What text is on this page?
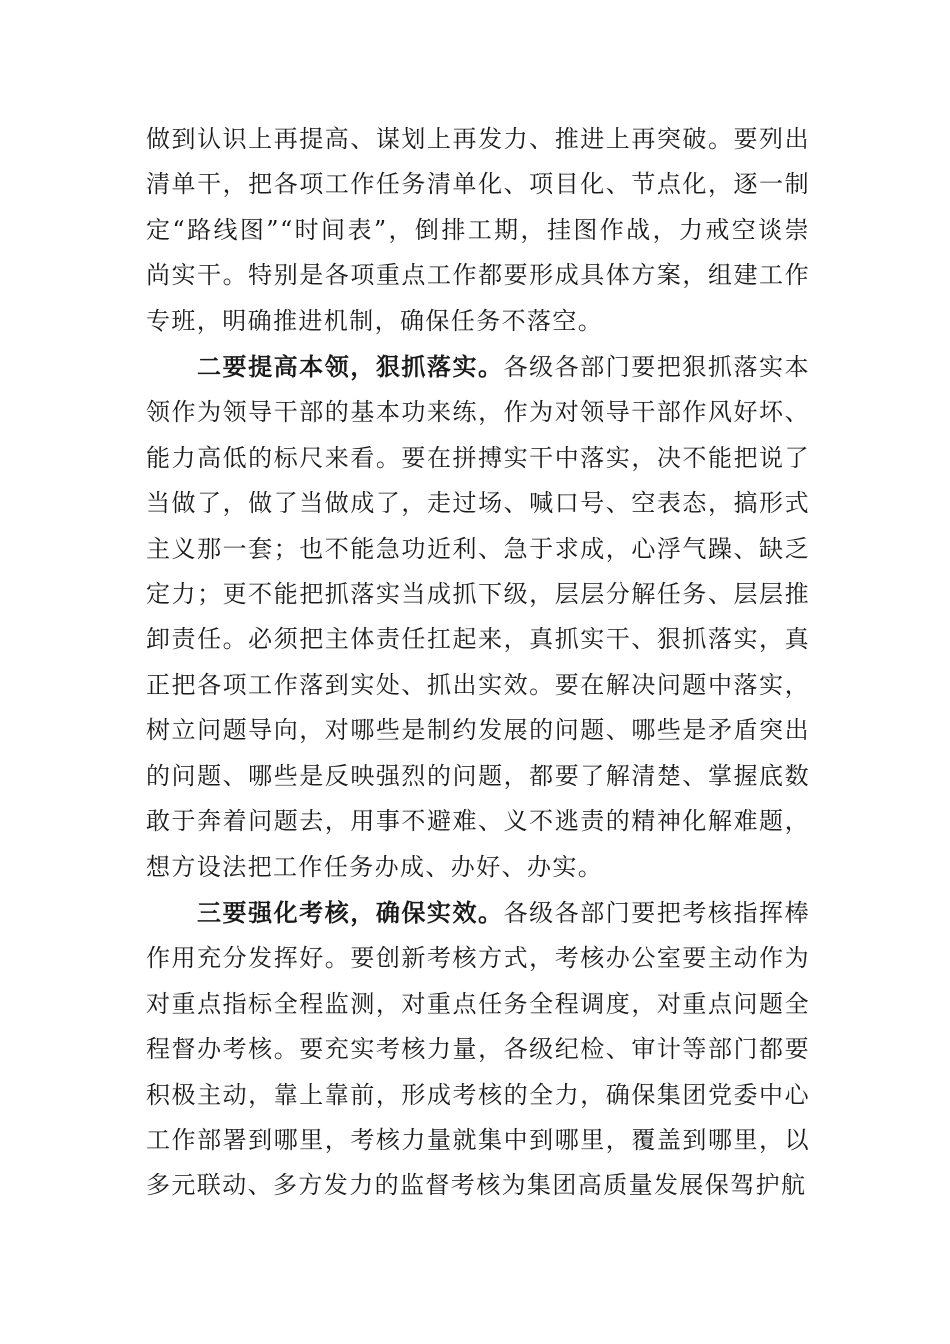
做到认识上再提高、谋划上再发力、推进上再突破。要列出清单干，把各项工作任务清单化、项目化、节点化，逐一制定“路线图”“时间表”，倒排工期，挂图作战，力戒空谈崇尚实干。特别是各项重点工作都要形成具体方案，组建工作专班，明确推进机制，确保任务不落空。

二要提高本领，狠抓落实。各级各部门要把狠抓落实本领作为领导干部的基本功来练，作为对领导干部作风好坏、能力高低的标尺来看。要在拼搏实干中落实，决不能把说了当做了，做了当做成了，走过场、喊口号、空表态，搞形式主义那一套；也不能急功近利、急于求成，心浮气躁、缺乏定力；更不能把抓落实当成抓下级，层层分解任务、层层推卸责任。必须把主体责任扛起来，真抓实干、狠抓落实，真正把各项工作落到实处、抓出实效。要在解决问题中落实，树立问题导向，对哪些是制约发展的问题、哪些是矛盾突出的问题、哪些是反映强烈的问题，都要了解清楚、掌握底数敢于奔着问题去，用事不避难、义不逃责的精神化解难题，想方设法把工作任务办成、办好、办实。

三要强化考核，确保实效。各级各部门要把考核指挥棒作用充分发挥好。要创新考核方式，考核办公室要主动作为对重点指标全程监测，对重点任务全程调度，对重点问题全程督办考核。要充实考核力量，各级纪检、审计等部门都要积极主动，靠上靠前，形成考核的全力，确保集团党委中心工作部署到哪里，考核力量就集中到哪里，覆盖到哪里，以多元联动、多方发力的监督考核为集团高质量发展保驾护航
